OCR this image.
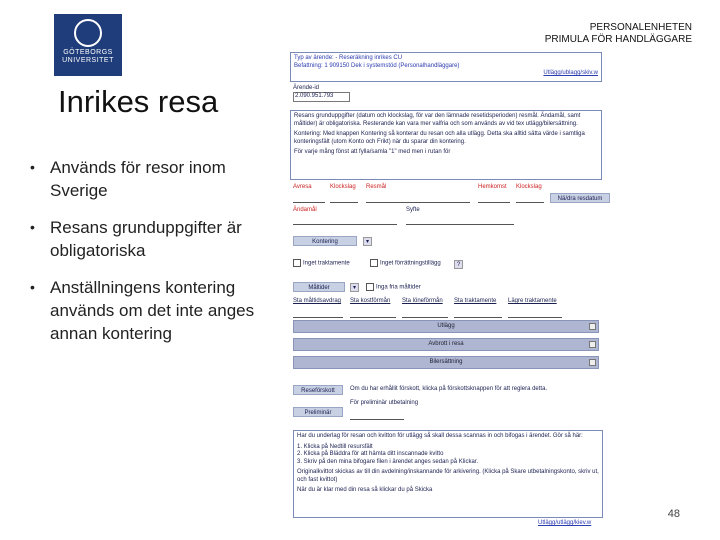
GÖTEBORGS
UNIVERSITET
PERSONALENHETEN
PRIMULA FÖR HANDLÄGGARE
Inrikes resa
• Används för resor inom Sverige
• Resans grunduppgifter är obligatoriska
• Anställningens kontering används om det inte anges annan kontering
Typ av ärende: - Reseräkning inrikes CU
Befattning: 1 909150 Dek i systemstöd (Personalhandläggare)
Utlägg/ublagg/skiv.w
Ärende-id
2.090.951.793
Resans grunduppgifter (datum och klockslag, för var den lämnade resetidsperioden) resmål. Ändamål, samt måltider) är obligatoriska. Resterande kan vara mer valfria och som används av vid tex utlägg/bilersättning.
Kontering: Med knappen Kontering så konterar du resan och alla utlägg. Detta ska alltid sätta värde i samtliga konteringsfält (utom Konto och Frikt) när du sparar din kontering.
För varje mång fönst att fylla/samla "1" med men i rutan för
Avresa	Klockslag Resmål	Hemkomst Klockslag
Nä/dra resdatum
Ändamål	Syfte
Kontering	▾
Inget traktamente	Inget förrättningstillägg	?
Måltider	▾	Inga fria måltider
Sta måltidsavdrag Sta kostförmån Sta löneförmån Sta traktamente Lägre traktamente
Utlägg
Avbrott i resa
Bilersättning
Reseförskott	Om du har erhållit förskott, klicka på förskottsknappen för att reglera detta.
För preliminär utbetalning
Preliminär
Har du underlag för resan och kvitton för utlägg så skall dessa scannas in och bifogas i ärendet. Gör så här:
1. Klicka på Nedtill resursfält
2. Klicka på Bläddra för att hämta ditt inscannade kvitto
3. Skriv på den mina bifogare filen i ärendet anges sedan på Klickar.
Originalkvittot skickas av till din avdelning/inskannande för arkivering. (Klicka på Skare utbetalningskonto, skriv ut, och fast kvittot)
När du är klar med din resa så klickar du på Skicka
Utlägg/utlägg/kiev.w
48
